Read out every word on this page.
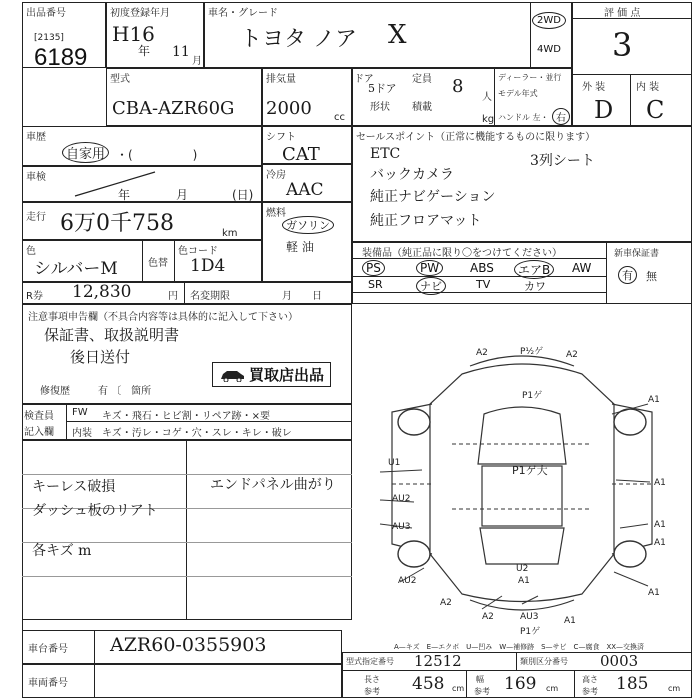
出品番号
[2135]
6189
初度登録年月
H16
年 11
月
車名・グレード
トヨタ ノア X	2WD
4WD
評 価 点
3
外 装	内 装
D C
型式
CBA-AZR60G
排気量
2000 cc
ドア
5ドア
形状
定員 8
人
積載
kg
ディーラー・並行
モデル年式
ハンドル 左・ 右
車歴
自家用 ・(　　　　　)
車検
年	月	(日)
走行 6万0千758	km
色
シルバーM	色替
色コード
1D4
シフト
CAT
冷房
AAC
燃料
ガソリン
軽 油
R券 12,830	円 名変期限	月　　日
セールスポイント（正常に機能するものに限ります）
ETC
バックカメラ
純正ナビゲーション
純正フロアマット
3列シート
装備品（純正品に限り〇をつけてください）	新車保証書
有	無
PS	PW	ABS	エアB	AW
SR	ナビ	TV	カワ
注意事項申告欄（不具合内容等は具体的に記入して下さい）
保証書、取扱説明書
後日送付
修復歴	有 〔　箇所
買取店出品
検査員
記入欄
FW キズ・飛石・ヒビ割・リペア跡・×要
内装 キズ・汚レ・コゲ・穴・スレ・キレ・破レ
キーレス破損
ダッシュ板のリアト
各キズ m
エンドパネル曲がり
A2	P½ゲ	A2
P1ゲ	A1
U1
P1ゲ大
A1
AU2
AU3	A1
A1
A1
U2
A1
AU2
A2
A2	AU3
P1ゲ
A1
A—キズ　E—エクボ　U—凹み　W—補修跡　S—サビ　C—腐食　XX—交換済
車台番号 AZR60-0355903
車両番号
型式指定番号 12512	類別区分番号 0003
長さ
参考 458 cm
幅
参考 169 cm
高さ
参考 185 cm
